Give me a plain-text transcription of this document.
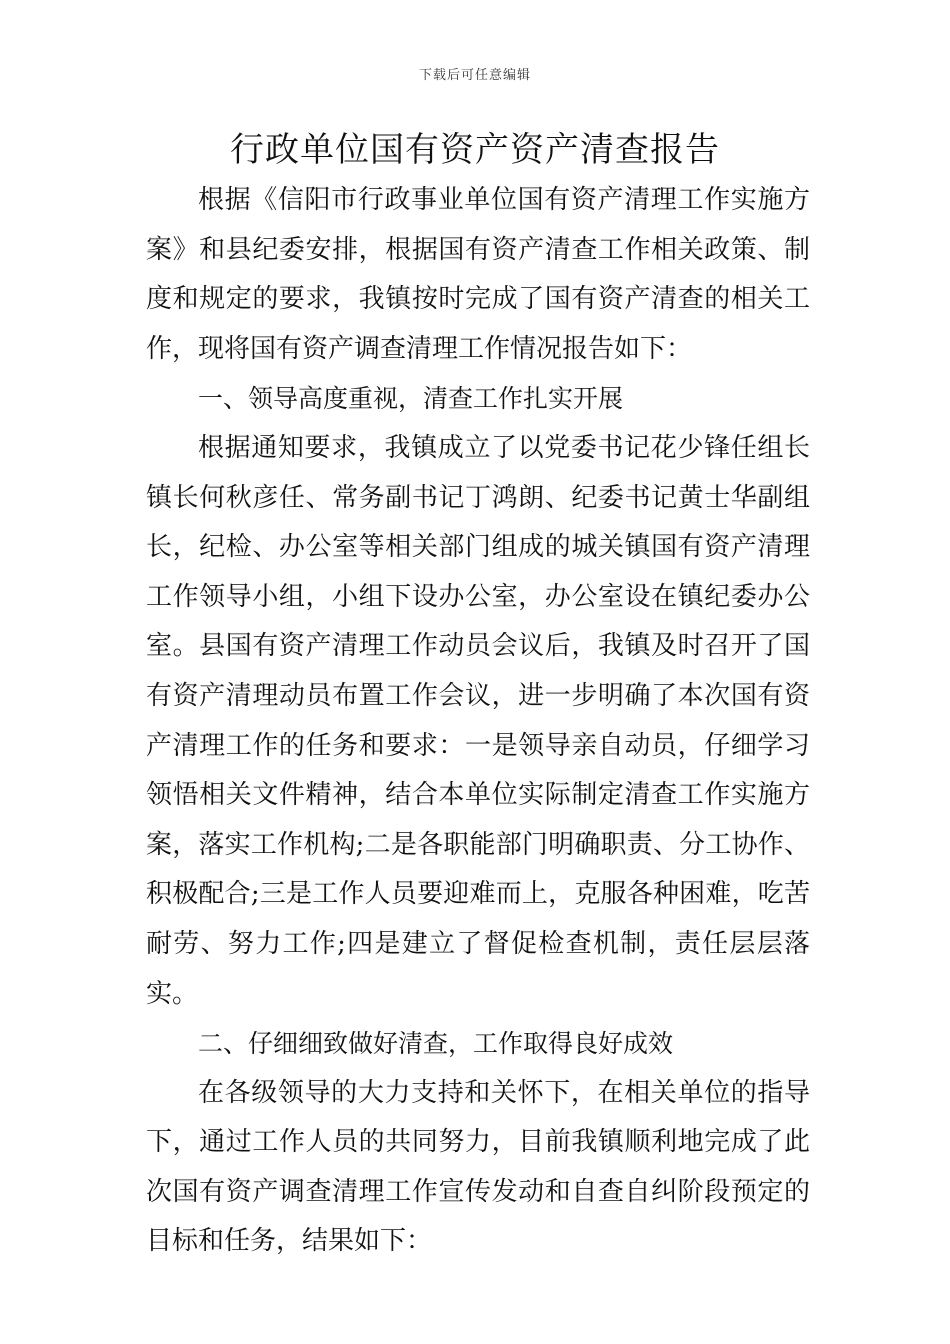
下载后可任意编辑
行政单位国有资产资产清查报告

根据《信阳市行政事业单位国有资产清理工作实施方案》和县纪委安排，根据国有资产清查工作相关政策、制度和规定的要求，我镇按时完成了国有资产清查的相关工作，现将国有资产调查清理工作情况报告如下：

一、领导高度重视，清查工作扎实开展

根据通知要求，我镇成立了以党委书记花少锋任组长镇长何秋彦任、常务副书记丁鸿朗、纪委书记黄士华副组长，纪检、办公室等相关部门组成的城关镇国有资产清理工作领导小组，小组下设办公室，办公室设在镇纪委办公室。县国有资产清理工作动员会议后，我镇及时召开了国有资产清理动员布置工作会议，进一步明确了本次国有资产清理工作的任务和要求：一是领导亲自动员，仔细学习领悟相关文件精神，结合本单位实际制定清查工作实施方案，落实工作机构;二是各职能部门明确职责、分工协作、积极配合;三是工作人员要迎难而上，克服各种困难，吃苦耐劳、努力工作;四是建立了督促检查机制，责任层层落实。

二、仔细细致做好清查，工作取得良好成效

在各级领导的大力支持和关怀下，在相关单位的指导下，通过工作人员的共同努力，目前我镇顺利地完成了此次国有资产调查清理工作宣传发动和自查自纠阶段预定的目标和任务，结果如下：
